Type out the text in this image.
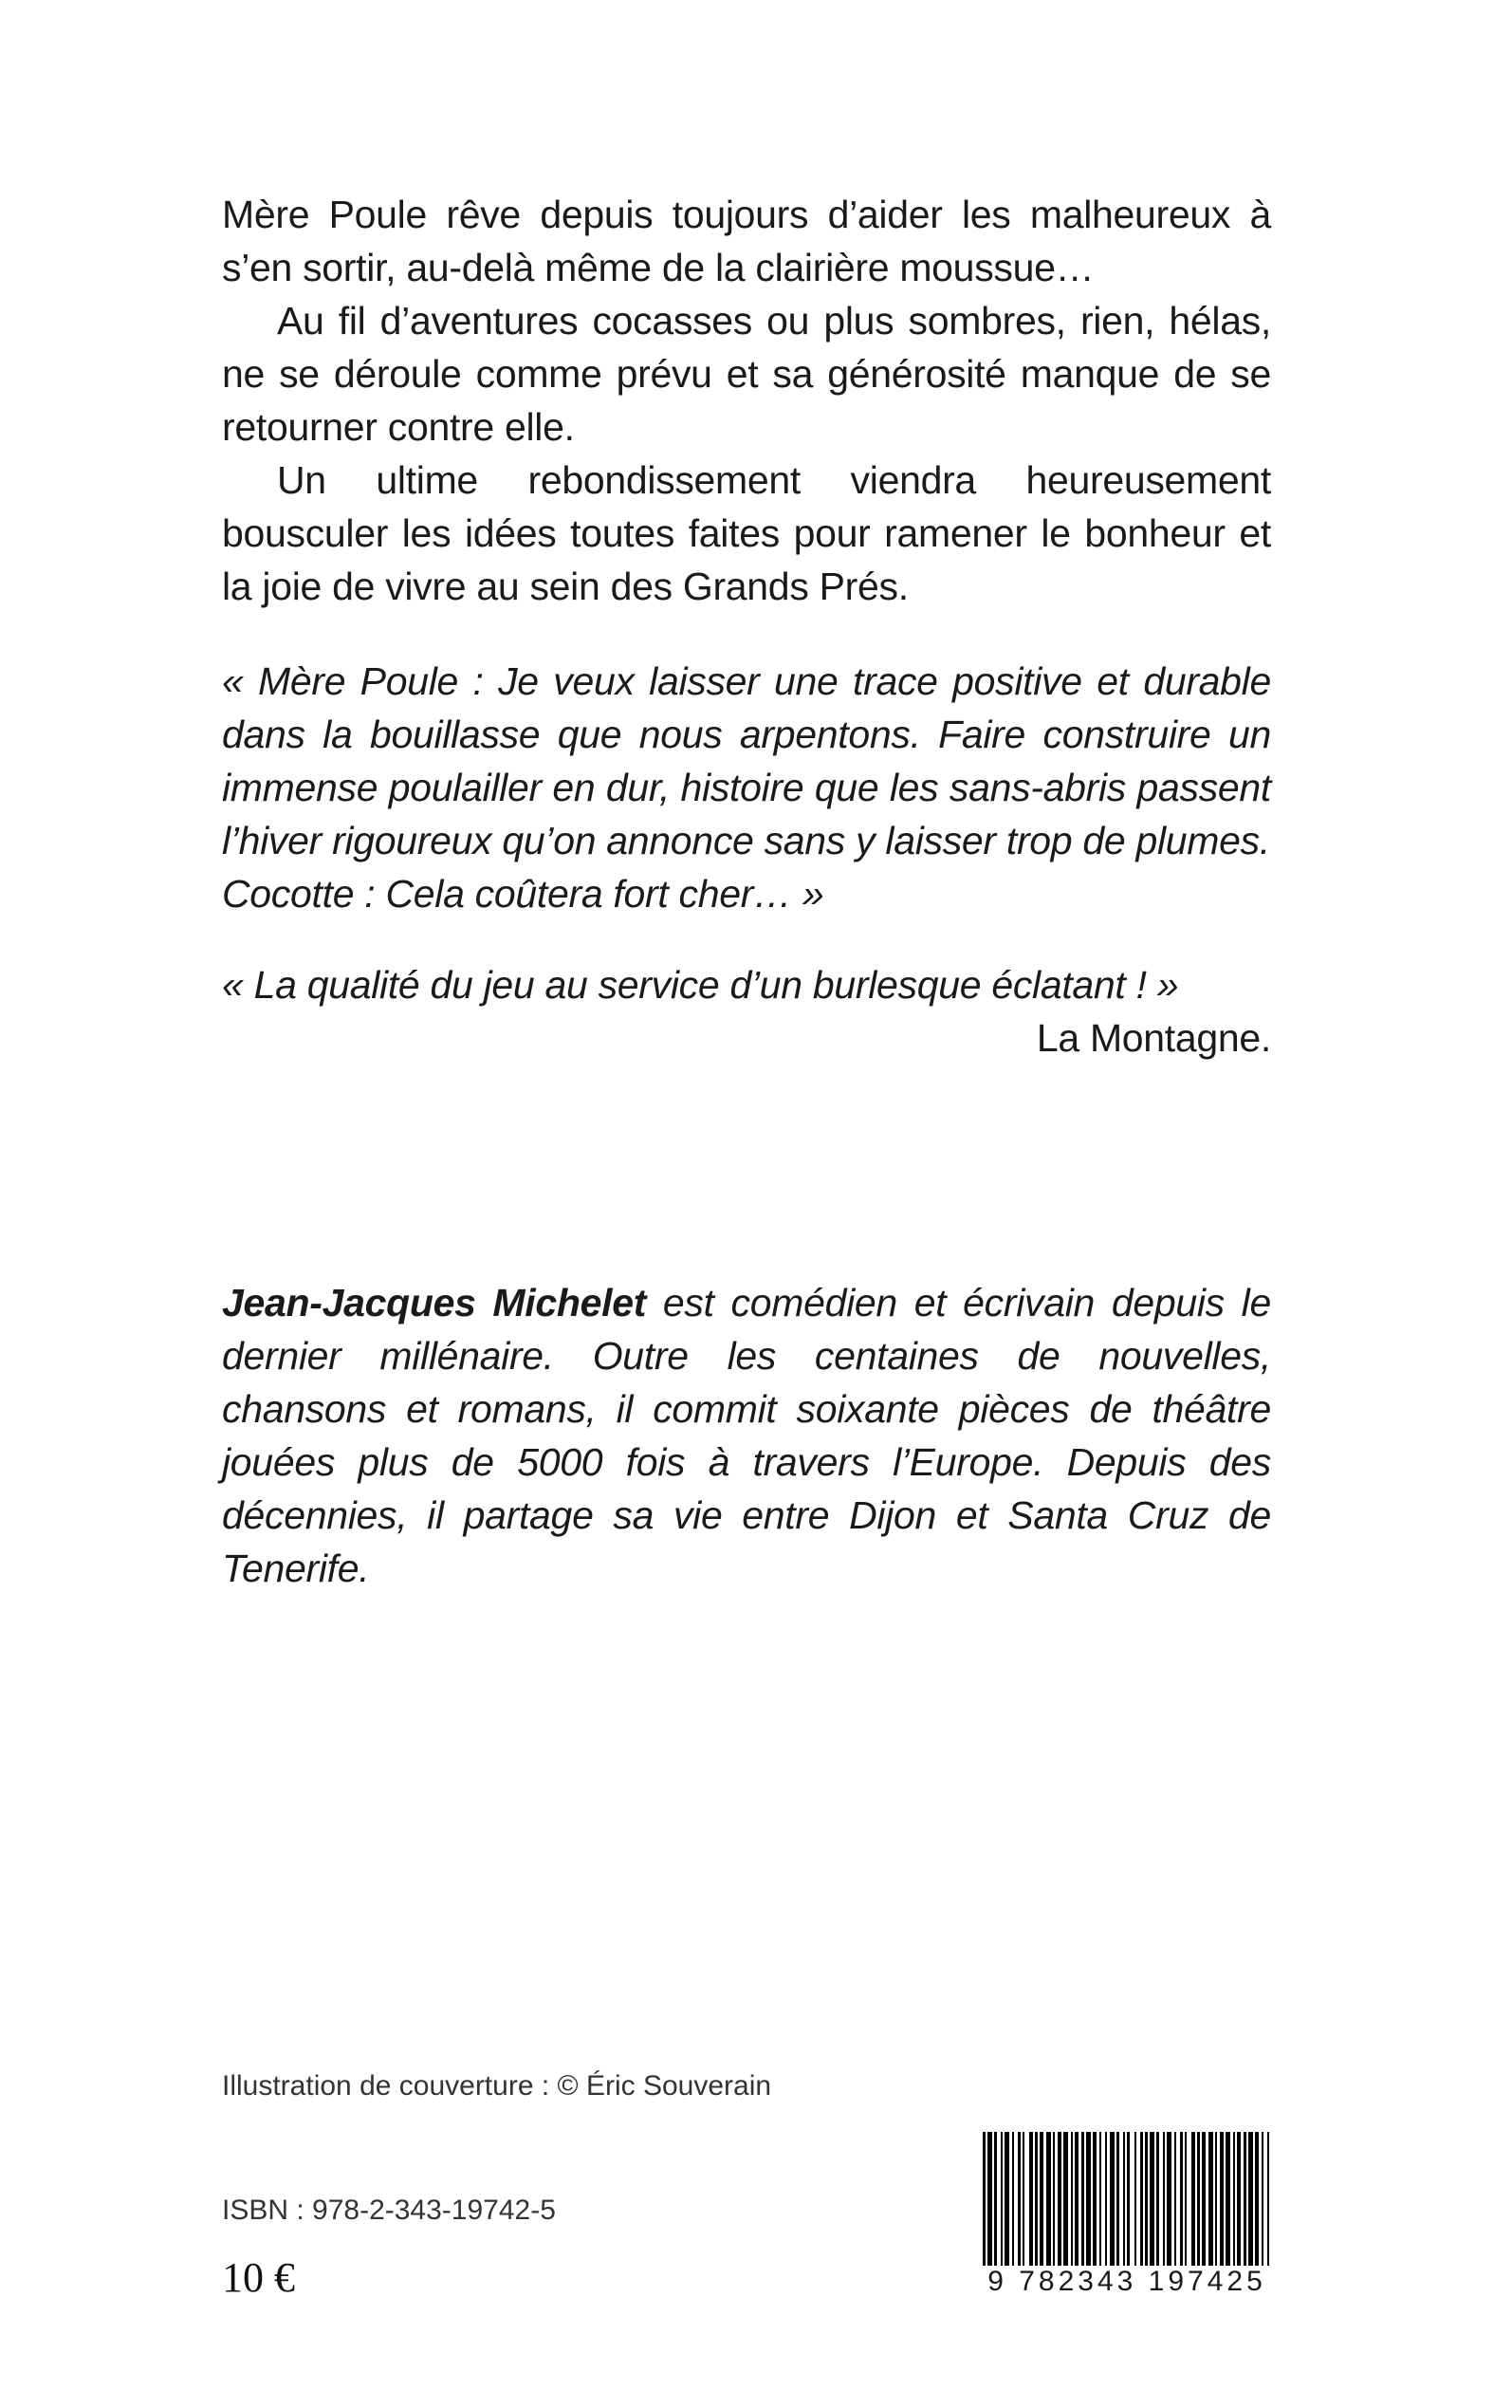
Mère Poule rêve depuis toujours d’aider les malheureux à s’en sortir, au-delà même de la clairière moussue…

Au fil d’aventures cocasses ou plus sombres, rien, hélas, ne se déroule comme prévu et sa générosité manque de se retourner contre elle.

Un ultime rebondissement viendra heureusement bousculer les idées toutes faites pour ramener le bonheur et la joie de vivre au sein des Grands Prés.

« Mère Poule : Je veux laisser une trace positive et durable dans la bouillasse que nous arpentons. Faire construire un immense poulailler en dur, histoire que les sans-abris passent l’hiver rigoureux qu’on annonce sans y laisser trop de plumes.

Cocotte : Cela coûtera fort cher… »

« La qualité du jeu au service d’un burlesque éclatant ! »

La Montagne.

Jean-Jacques Michelet est comédien et écrivain depuis le dernier millénaire. Outre les centaines de nouvelles, chansons et romans, il commit soixante pièces de théâtre jouées plus de 5000 fois à travers l’Europe. Depuis des décennies, il partage sa vie entre Dijon et Santa Cruz de Tenerife.

Illustration de couverture : © Éric Souverain
ISBN : 978-2-343-19742-5
10 €	9 782343 197425
